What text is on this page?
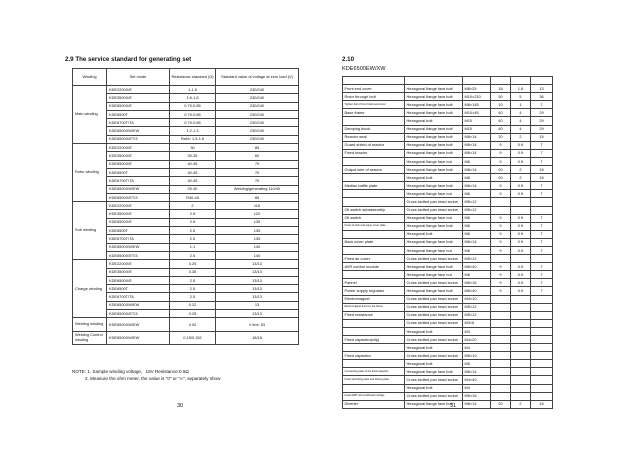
2.9 The service standard for generating set
Winding	Set mode	Resistance standard (Ω)	Standard value of voltage at zero load (V)
Main winding	KDE2200X/E	1-1.5	230/240
	KDE3500X/E	1.6-1.8	230/240
	KDE6500X/E	0.75-0.85	230/240
	KDE6500T	0.75-0.85	230/240
	KDE6700T/TA	0.75-0.85	230/240
	KDE6500XW/EW	1.2-1.3	230/240
	KDE6500X/ET/3	RaN= 1.5-1.6	230/240
Rotor winding	KDE2200X/E	30	85
	KDE3500X/E	30-35	60
	KDE6500X/E	40-45	70
	KDE6500T	40-45	70
	KDE6700T/TA	40-45	70
	KDE6500XW/EW	25-30	Welding/generating 110/40
	KDE6500X/ET/3	R40-45	85
Sub winding	KDE2200X/E	2	115
	KDE3500X/E	2.5	120
	KDE6500X/E	2.5	135
	KDE6500T	2.5	135
	KDE6700T/TA	2.5	135
	KDE6500XW/EW	1.1	140
	KDE6500X/ET/3	2.5	140
Charge winding	KDE2200X/E	0.25	13/13
	KDE3500X/E	0.35	13/13
	KDE6500X/E	2.5	13/13
	KDE6500T	2.5	13/13
	KDE6700T/TA	2.5	13/13
	KDE6500XW/EW	0.22	13
	KDE6500X/ET/3	0.25	13/13
Welding winding	KDE6500XW/EW	0.02	V line: 53
Welding Control winding	KDE6500XW/EW	0.15/0.152	18/18
NOTE: 1. Sample winding voltage，16V Resistance:0.5Ω
2. Measure the ohm meter, the value is "0" or "∞", separately show
30
2.10
KDE6500EW/XW

Front end cover	Hexagonal flange face bolt	M8×25	18	1.8	13
Rotor through bolt	Hexagonal flange face bolt	M10×210	50	5	36
Tighten bolt of front block and cover	Hexagonal flange face bolt	M8×145	10	1	7
Base frame	Hexagonal flange face bolt	M10×45	40	4	29
	Hexagonal bolt	M10	40	4	29
Damping block	Hexagonal flange face bolt	M10	40	4	29
Reactor seat	Hexagonal flange face bolt	M8×14	20	2	15
Guard shield of reactor	Hexagonal flange face bolt	M6×14	9	0.9	7
Fixed reactor	Hexagonal flange face bolt	M6×14	9	0.9	7
	Hexagonal flange face nut	M6	9	0.9	7
Output wire of reactor	Hexagonal flange face bolt	M8×14	20	2	15
	Hexagonal bolt	M8	20	2	15
Median baffle plate	Hexagonal flange face bolt	M6×14	9	0.9	7
	Hexagonal flange face nut	M6	9	0.9	7
	Cross slotted pan head screw	M5×12			
Oil switch subassembly	Cross slotted pan head screw	M5×12			
Oil switch	Hexagonal flange face nut	M6	9	0.9	7
Fixed oil tank and upper cover plate	Hexagonal flange face bolt	M6	9	0.9	7
	Hexagonal bolt	M6	9	0.9	7
Back cover plate	Hexagonal flange face bolt	M6×14	9	0.9	7
	Hexagonal flange face nut	M6	9	0.9	7
Fixed air cover	Cross slotted pan head screw	M5×12			
AVR control module	Hexagonal flange face bolt	M6×40	9	0.9	7
	Hexagonal flange face nut	M6	9	0.9	7
Pannel	Cross slotted pan head screw	M6×16	9	0.9	7
Power supply regulator	Hexagonal flange face bolt	M6×40	9	0.9	7
Electromagnet	Cross slotted pan head screw	M4×10			
Electromagnet fixed on the frame	Cross slotted pan head screw	M5×12			
Fixed resistance	Cross slotted pan head screw	M5×12			
	Cross slotted pan head screw	M3×6			
	Hexagonal bolt	M3			
Fixed capacitor(clip)	Cross slotted pan head screw	M4×20			
	Hexagonal bolt	M4			
Fixed capacitor	Cross slotted pan head screw	M5×10			
	Hexagonal bolt	M5			
Connecting plate of the fixed capacitor	Hexagonal flange face bolt	M6×14			
Fixed stretching plate and driving plate	Cross slotted pan head screw	M4×40			
	Hexagonal bolt	M4			
Fixed IGBT and rectification bridge	Cross slotted pan head screw	M5×16			
Diverter	Hexagonal flange face bolt	M8×14	20	2	15
31
